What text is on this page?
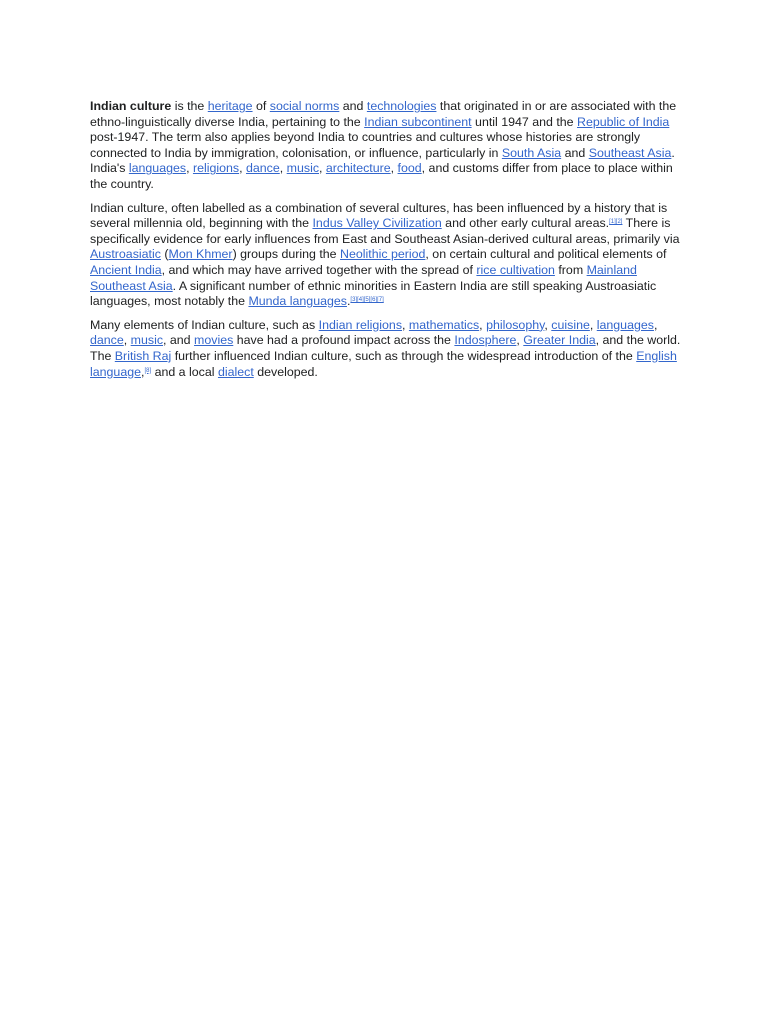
Indian culture is the heritage of social norms and technologies that originated in or are associated with the ethno-linguistically diverse India, pertaining to the Indian subcontinent until 1947 and the Republic of India post-1947. The term also applies beyond India to countries and cultures whose histories are strongly connected to India by immigration, colonisation, or influence, particularly in South Asia and Southeast Asia. India's languages, religions, dance, music, architecture, food, and customs differ from place to place within the country.

Indian culture, often labelled as a combination of several cultures, has been influenced by a history that is several millennia old, beginning with the Indus Valley Civilization and other early cultural areas.[1][2] There is specifically evidence for early influences from East and Southeast Asian-derived cultural areas, primarily via Austroasiatic (Mon Khmer) groups during the Neolithic period, on certain cultural and political elements of Ancient India, and which may have arrived together with the spread of rice cultivation from Mainland Southeast Asia. A significant number of ethnic minorities in Eastern India are still speaking Austroasiatic languages, most notably the Munda languages.[3][4][5][6][7]

Many elements of Indian culture, such as Indian religions, mathematics, philosophy, cuisine, languages, dance, music, and movies have had a profound impact across the Indosphere, Greater India, and the world. The British Raj further influenced Indian culture, such as through the widespread introduction of the English language,[8] and a local dialect developed.
